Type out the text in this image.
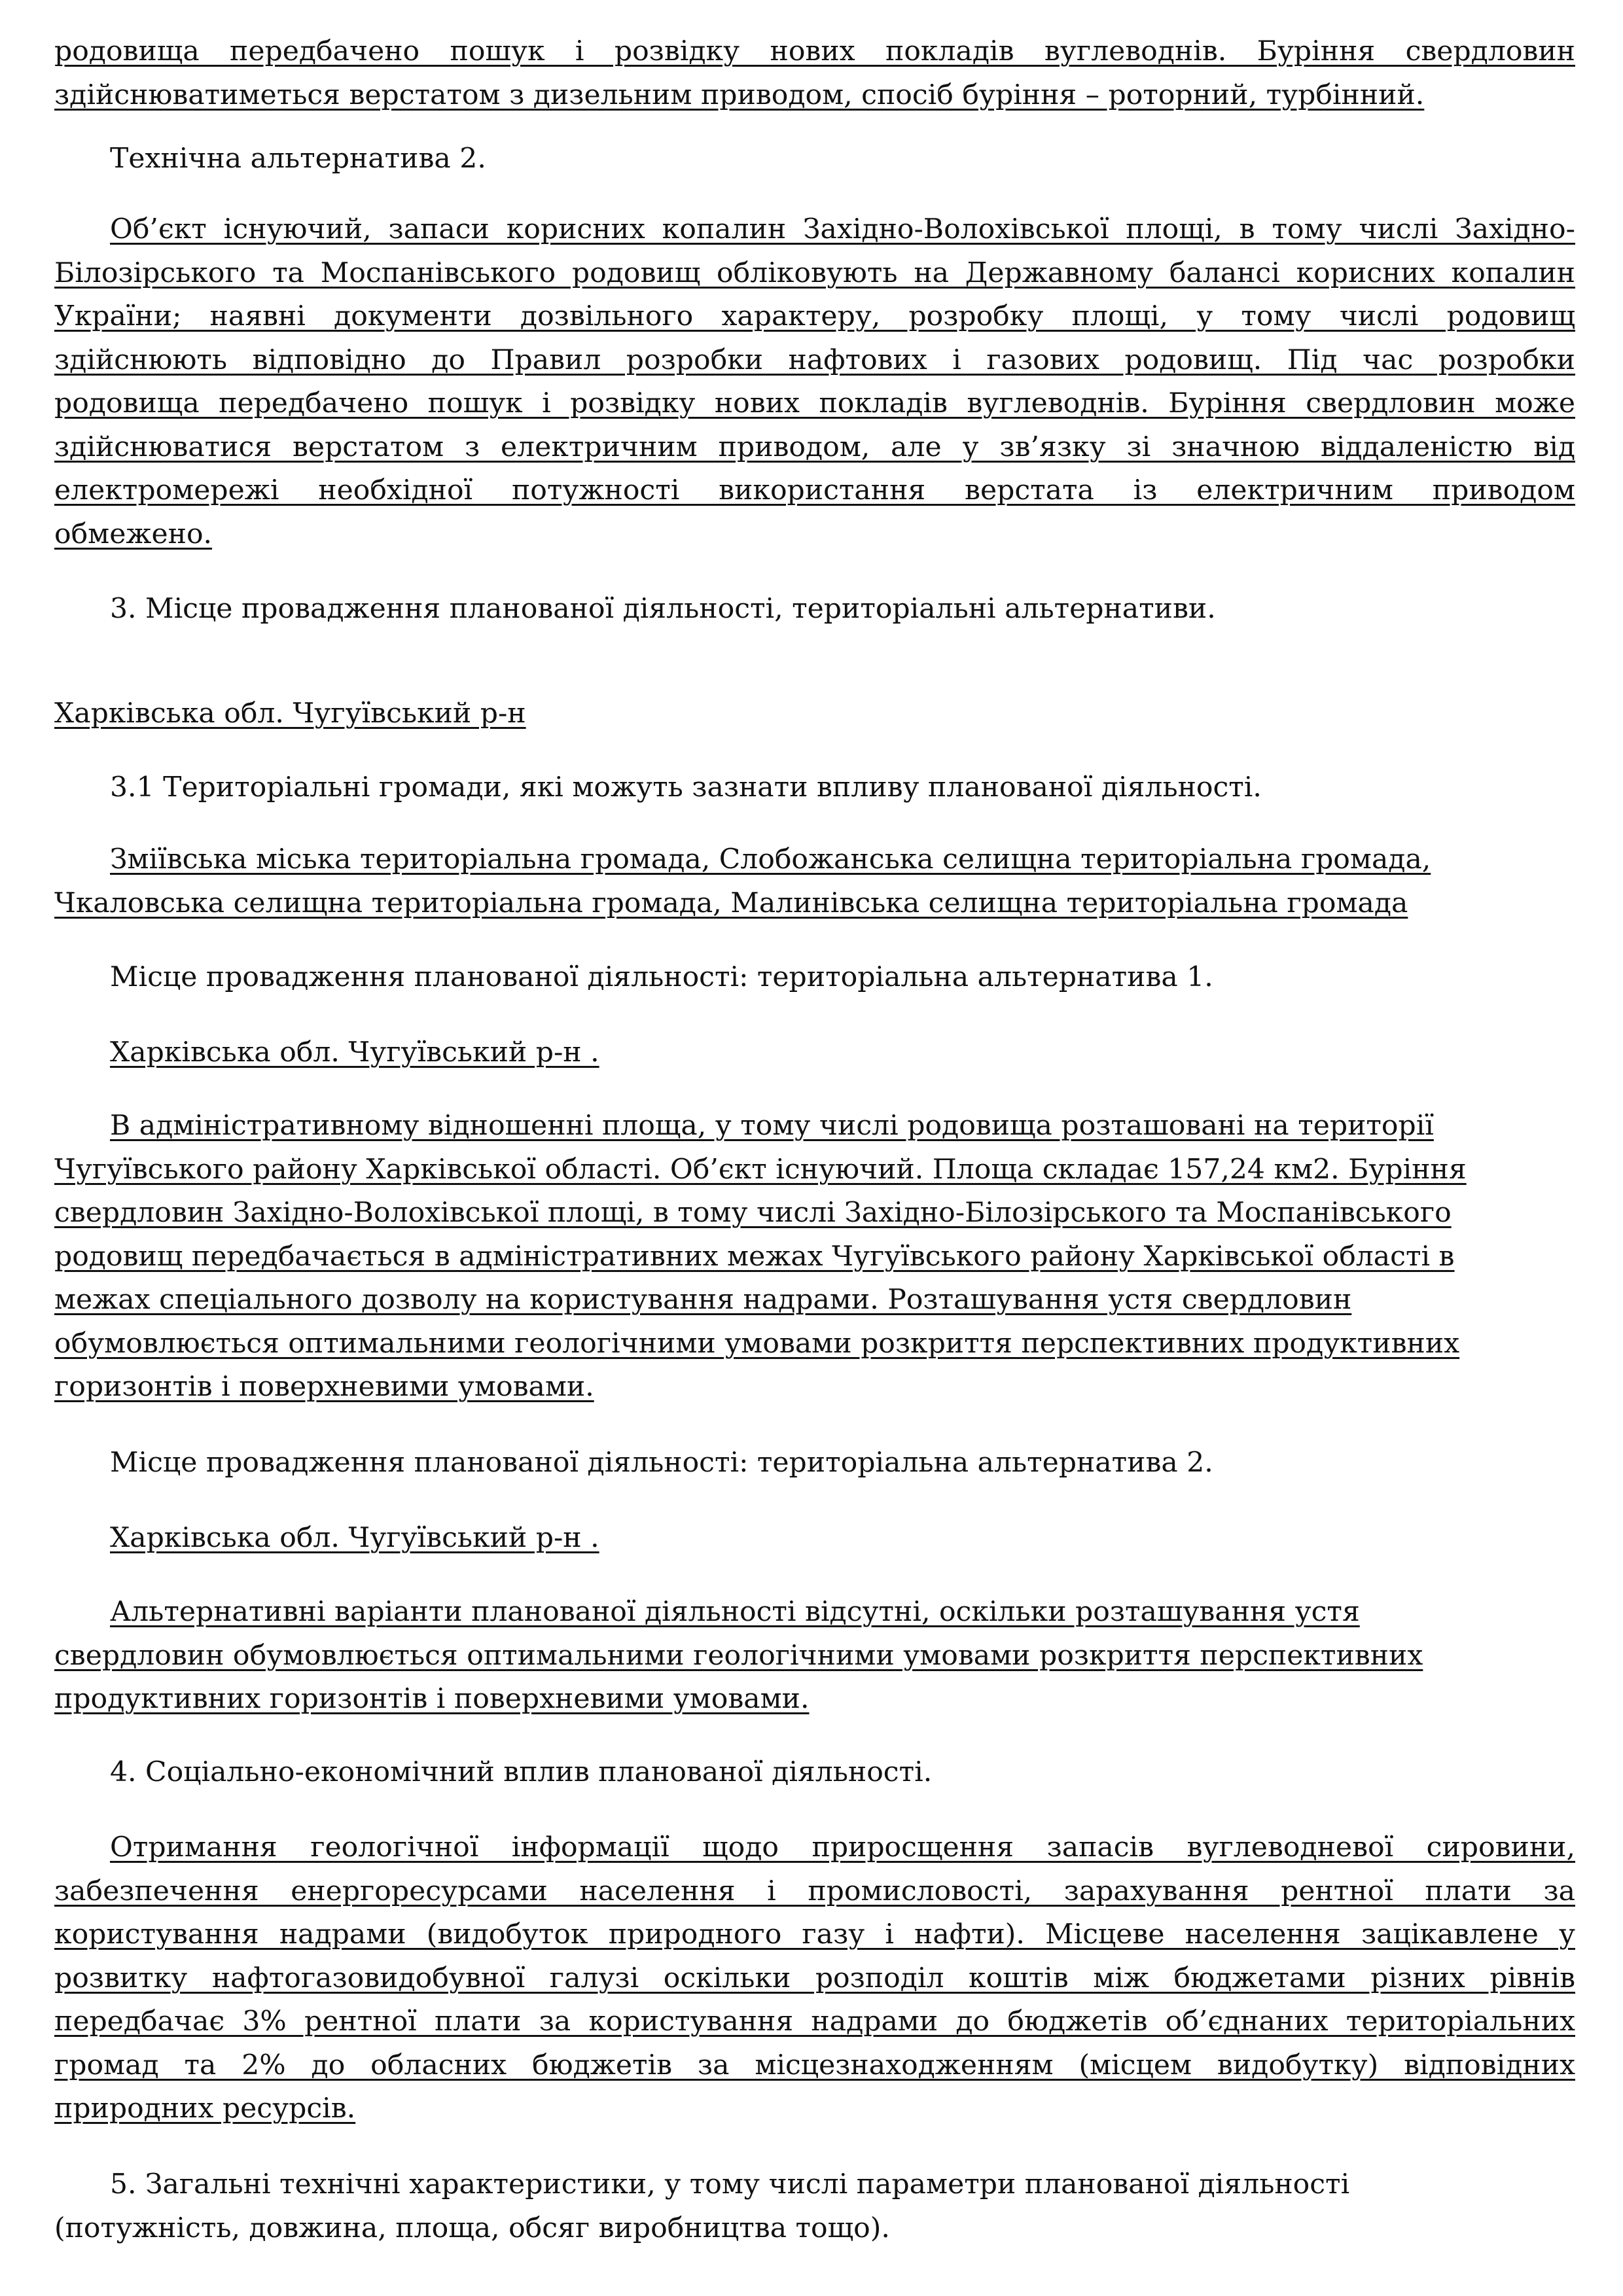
родовища передбачено пошук і розвідку нових покладів вуглеводнів. Буріння свердловин
здійснюватиметься верстатом з дизельним приводом, спосіб буріння – роторний, турбінний.
Технічна альтернатива 2.
Об’єкт існуючий, запаси корисних копалин Західно-Волохівської площі, в тому числі Західно-
Білозірського та Моспанівського родовищ обліковують на Державному балансі корисних копалин
України; наявні документи дозвільного характеру, розробку площі, у тому числі родовищ
здійснюють відповідно до Правил розробки нафтових і газових родовищ. Під час розробки
родовища передбачено пошук і розвідку нових покладів вуглеводнів. Буріння свердловин може
здійснюватися верстатом з електричним приводом, але у зв’язку зі значною віддаленістю від
електромережі необхідної потужності використання верстата із електричним приводом
обмежено.
3. Місце провадження планованої діяльності, територіальні альтернативи.
Харківська обл. Чугуївський р-н
3.1 Територіальні громади, які можуть зазнати впливу планованої діяльності.
Зміївська міська територіальна громада, Слобожанська селищна територіальна громада,
Чкаловська селищна територіальна громада, Малинівська селищна територіальна громада
Місце провадження планованої діяльності: територіальна альтернатива 1.
Харківська обл. Чугуївський р-н .
В адміністративному відношенні площа, у тому числі родовища розташовані на території
Чугуївського району Харківської області. Об’єкт існуючий. Площа складає 157,24 км2. Буріння
свердловин Західно-Волохівської площі, в тому числі Західно-Білозірського та Моспанівського
родовищ передбачається в адміністративних межах Чугуївського району Харківської області в
межах спеціального дозволу на користування надрами. Розташування устя свердловин
обумовлюється оптимальними геологічними умовами розкриття перспективних продуктивних
горизонтів і поверхневими умовами.
Місце провадження планованої діяльності: територіальна альтернатива 2.
Харківська обл. Чугуївський р-н .
Альтернативні варіанти планованої діяльності відсутні, оскільки розташування устя
свердловин обумовлюється оптимальними геологічними умовами розкриття перспективних
продуктивних горизонтів і поверхневими умовами.
4. Соціально-економічний вплив планованої діяльності.
Отримання геологічної інформації щодо приросщення запасів вуглеводневої сировини,
забезпечення енергоресурсами населення і промисловості, зарахування рентної плати за
користування надрами (видобуток природного газу і нафти). Місцеве населення зацікавлене у
розвитку нафтогазовидобувної галузі оскільки розподіл коштів між бюджетами різних рівнів
передбачає 3% рентної плати за користування надрами до бюджетів об’єднаних територіальних
громад та 2% до обласних бюджетів за місцезнаходженням (місцем видобутку) відповідних
природних ресурсів.
5. Загальні технічні характеристики, у тому числі параметри планованої діяльності
(потужність, довжина, площа, обсяг виробництва тощо).
